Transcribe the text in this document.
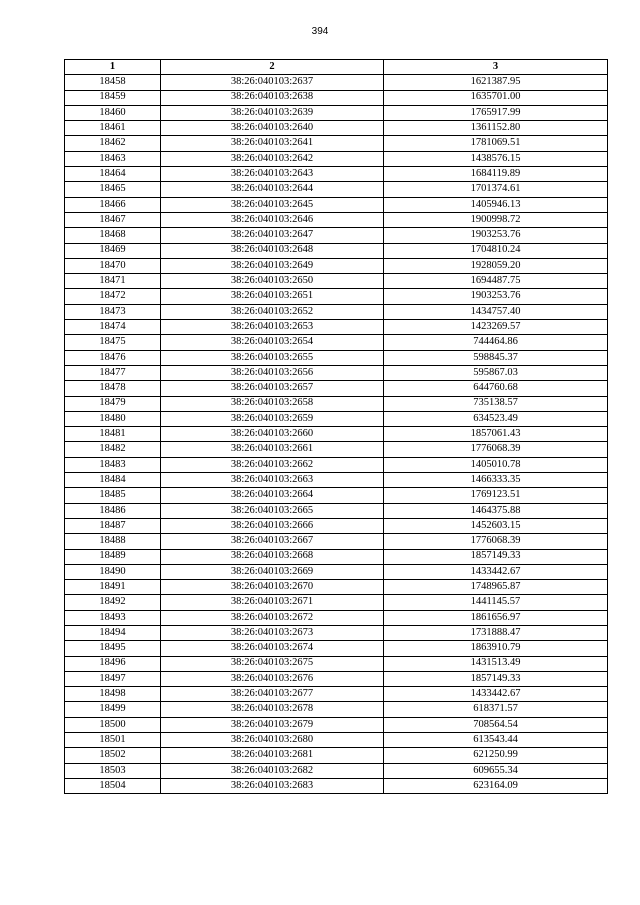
394
1	2	3
18458	38:26:040103:2637	1621387.95
18459	38:26:040103:2638	1635701.00
18460	38:26:040103:2639	1765917.99
18461	38:26:040103:2640	1361152.80
18462	38:26:040103:2641	1781069.51
18463	38:26:040103:2642	1438576.15
18464	38:26:040103:2643	1684119.89
18465	38:26:040103:2644	1701374.61
18466	38:26:040103:2645	1405946.13
18467	38:26:040103:2646	1900998.72
18468	38:26:040103:2647	1903253.76
18469	38:26:040103:2648	1704810.24
18470	38:26:040103:2649	1928059.20
18471	38:26:040103:2650	1694487.75
18472	38:26:040103:2651	1903253.76
18473	38:26:040103:2652	1434757.40
18474	38:26:040103:2653	1423269.57
18475	38:26:040103:2654	744464.86
18476	38:26:040103:2655	598845.37
18477	38:26:040103:2656	595867.03
18478	38:26:040103:2657	644760.68
18479	38:26:040103:2658	735138.57
18480	38:26:040103:2659	634523.49
18481	38:26:040103:2660	1857061.43
18482	38:26:040103:2661	1776068.39
18483	38:26:040103:2662	1405010.78
18484	38:26:040103:2663	1466333.35
18485	38:26:040103:2664	1769123.51
18486	38:26:040103:2665	1464375.88
18487	38:26:040103:2666	1452603.15
18488	38:26:040103:2667	1776068.39
18489	38:26:040103:2668	1857149.33
18490	38:26:040103:2669	1433442.67
18491	38:26:040103:2670	1748965.87
18492	38:26:040103:2671	1441145.57
18493	38:26:040103:2672	1861656.97
18494	38:26:040103:2673	1731888.47
18495	38:26:040103:2674	1863910.79
18496	38:26:040103:2675	1431513.49
18497	38:26:040103:2676	1857149.33
18498	38:26:040103:2677	1433442.67
18499	38:26:040103:2678	618371.57
18500	38:26:040103:2679	708564.54
18501	38:26:040103:2680	613543.44
18502	38:26:040103:2681	621250.99
18503	38:26:040103:2682	609655.34
18504	38:26:040103:2683	623164.09
